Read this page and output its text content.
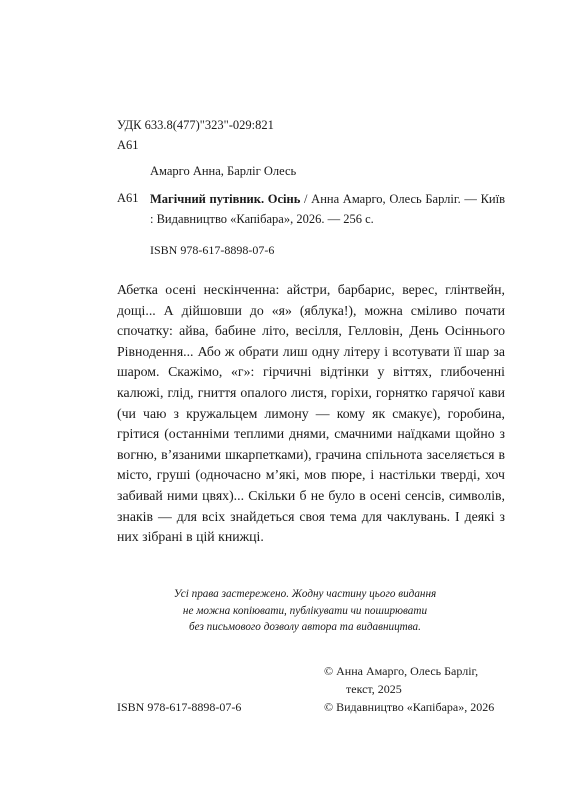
УДК 633.8(477)"323"-029:821
А61
Амарго Анна, Барліг Олесь
А61 Магічний путівник. Осінь / Анна Амарго, Олесь Барліг. — Київ : Видавництво «Капібара», 2026. — 256 с.
ISBN 978-617-8898-07-6

Абетка осені нескінченна: айстри, барбарис, верес, глінтвейн, дощі... А дійшовши до «я» (яблука!), можна сміливо почати спочатку: айва, бабине літо, весілля, Гелловін, День Осіннього Рівнодення... Або ж обрати лиш одну літеру і всотувати її шар за шаром. Скажімо, «г»: гірчичні відтінки у віттях, глибоченні калюжі, глід, гниття опалого листя, горіхи, горнятко гарячої кави (чи чаю з кружальцем лимону — кому як смакує), горобина, грітися (останніми теплими днями, смачними наїдками щойно з вогню, в’язаними шкарпетками), грачина спільнота заселяється в місто, груші (одночасно м’які, мов пюре, і настільки тверді, хоч забивай ними цвях)... Скільки б не було в осені сенсів, символів, знаків — для всіх знайдеться своя тема для чаклувань. І деякі з них зібрані в цій книжці.

Усі права застережено. Жодну частину цього видання
не можна копіювати, публікувати чи поширювати
без письмового дозволу автора та видавництва.
ISBN 978-617-8898-07-6
© Анна Амарго, Олесь Барліг,
текст, 2025
© Видавництво «Капібара», 2026
